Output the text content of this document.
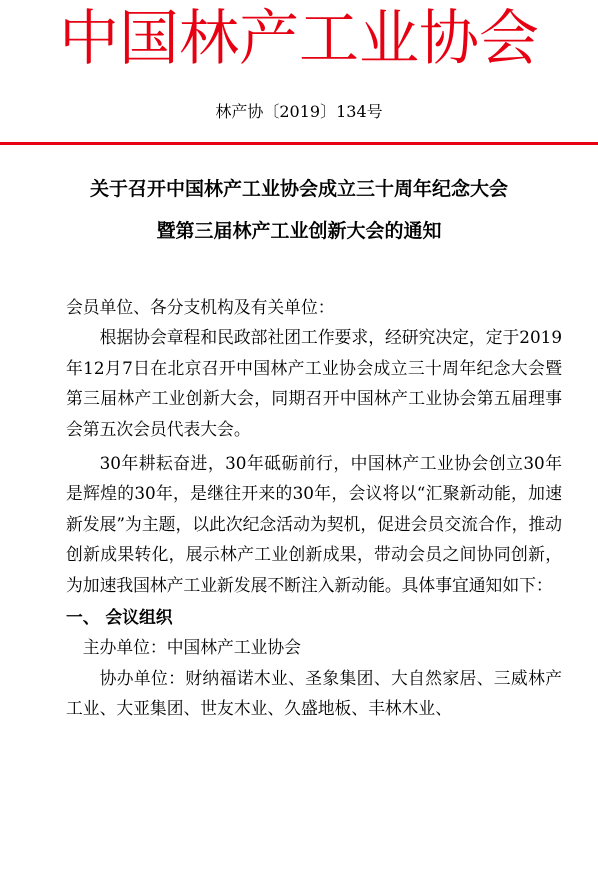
中国林产工业协会
林产协〔2019〕134号
关于召开中国林产工业协会成立三十周年纪念大会
暨第三届林产工业创新大会的通知

会员单位、各分支机构及有关单位：

根据协会章程和民政部社团工作要求，经研究决定，定于2019年12月7日在北京召开中国林产工业协会成立三十周年纪念大会暨第三届林产工业创新大会，同期召开中国林产工业协会第五届理事会第五次会员代表大会。

30年耕耘奋进，30年砥砺前行，中国林产工业协会创立30年是辉煌的30年，是继往开来的30年，会议将以“汇聚新动能，加速新发展”为主题，以此次纪念活动为契机，促进会员交流合作，推动创新成果转化，展示林产工业创新成果，带动会员之间协同创新，为加速我国林产工业新发展不断注入新动能。具体事宜通知如下：

一、 会议组织

主办单位：中国林产工业协会

协办单位：财纳福诺木业、圣象集团、大自然家居、三威林产工业、大亚集团、世友木业、久盛地板、丰林木业、
